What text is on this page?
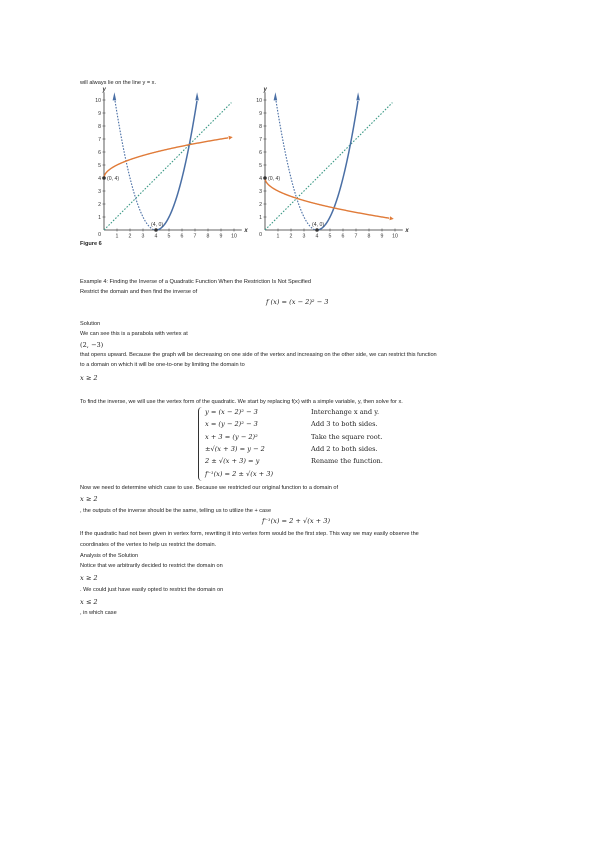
will always lie on the line y = x.
x
y
1 2 3 4 5 6 7 8 9 10
10
9
8
7
6
5
4
3
2
1
0
(0, 4)
(4, 0)
x
y
1 2 3 4 5 6 7 8 9 10
10
9
8
7
6
5
4
3
2
1
0
(0, 4)
(4, 0)
Figure 6
Example 4: Finding the Inverse of a Quadratic Function When the Restriction Is Not Specified
Restrict the domain and then find the inverse of
f (x) = (x − 2)² − 3
Solution
We can see this is a parabola with vertex at
(2, −3)
that opens upward. Because the graph will be decreasing on one side of the vertex and increasing on the other side, we can restrict this function
to a domain on which it will be one-to-one by limiting the domain to
x ≥ 2
To find the inverse, we will use the vertex form of the quadratic. We start by replacing f(x) with a simple variable, y, then solve for x.
y = (x − 2)² − 3	Interchange x and y.
x = (y − 2)² − 3	Add 3 to both sides.
x + 3 = (y − 2)²	Take the square root.
±√(x + 3) = y − 2	Add 2 to both sides.
2 ± √(x + 3) = y	Rename the function.
f⁻¹(x) = 2 ± √(x + 3)
Now we need to determine which case to use. Because we restricted our original function to a domain of
x ≥ 2
, the outputs of the inverse should be the same, telling us to utilize the + case
f⁻¹(x) = 2 + √(x + 3)
If the quadratic had not been given in vertex form, rewriting it into vertex form would be the first step. This way we may easily observe the
coordinates of the vertex to help us restrict the domain.
Analysis of the Solution
Notice that we arbitrarily decided to restrict the domain on
x ≥ 2
. We could just have easily opted to restrict the domain on
x ≤ 2
, in which case
